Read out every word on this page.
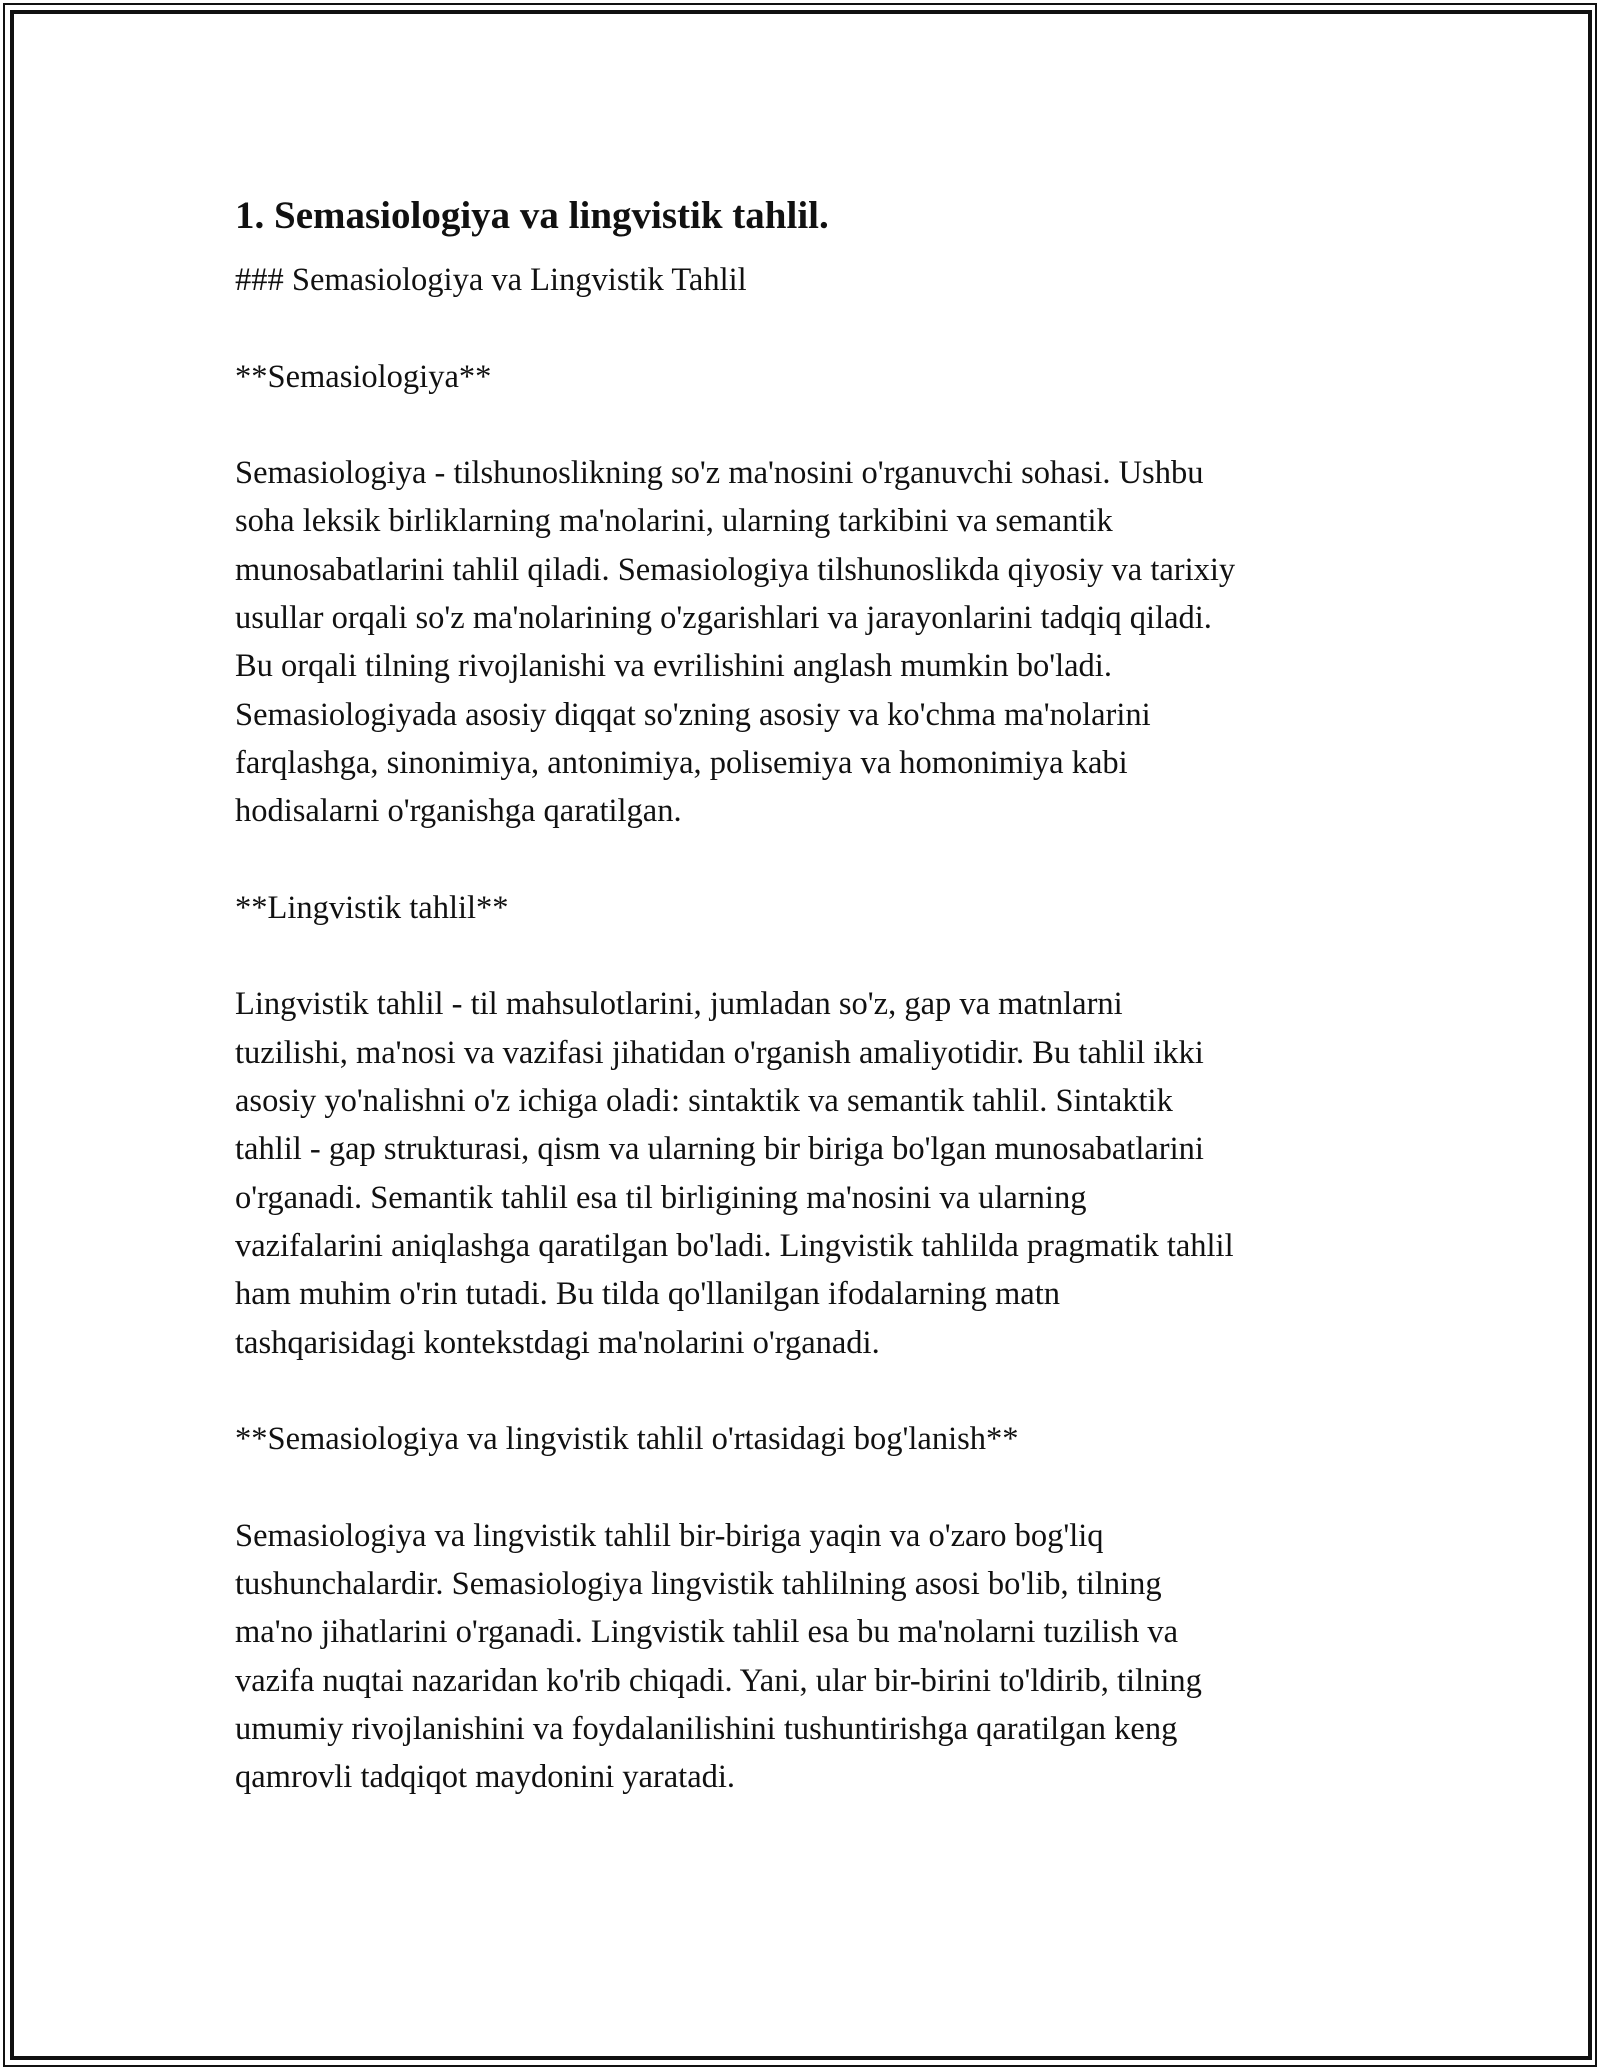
1. Semasiologiya va lingvistik tahlil.

### Semasiologiya va Lingvistik Tahlil

**Semasiologiya**

Semasiologiya - tilshunoslikning so'z ma'nosini o'rganuvchi sohasi. Ushbu

soha leksik birliklarning ma'nolarini, ularning tarkibini va semantik

munosabatlarini tahlil qiladi. Semasiologiya tilshunoslikda qiyosiy va tarixiy

usullar orqali so'z ma'nolarining o'zgarishlari va jarayonlarini tadqiq qiladi.

Bu orqali tilning rivojlanishi va evrilishini anglash mumkin bo'ladi.

Semasiologiyada asosiy diqqat so'zning asosiy va ko'chma ma'nolarini

farqlashga, sinonimiya, antonimiya, polisemiya va homonimiya kabi

hodisalarni o'rganishga qaratilgan.

**Lingvistik tahlil**

Lingvistik tahlil - til mahsulotlarini, jumladan so'z, gap va matnlarni

tuzilishi, ma'nosi va vazifasi jihatidan o'rganish amaliyotidir. Bu tahlil ikki

asosiy yo'nalishni o'z ichiga oladi: sintaktik va semantik tahlil. Sintaktik

tahlil - gap strukturasi, qism va ularning bir biriga bo'lgan munosabatlarini

o'rganadi. Semantik tahlil esa til birligining ma'nosini va ularning

vazifalarini aniqlashga qaratilgan bo'ladi. Lingvistik tahlilda pragmatik tahlil

ham muhim o'rin tutadi. Bu tilda qo'llanilgan ifodalarning matn

tashqarisidagi kontekstdagi ma'nolarini o'rganadi.

**Semasiologiya va lingvistik tahlil o'rtasidagi bog'lanish**

Semasiologiya va lingvistik tahlil bir-biriga yaqin va o'zaro bog'liq

tushunchalardir. Semasiologiya lingvistik tahlilning asosi bo'lib, tilning

ma'no jihatlarini o'rganadi. Lingvistik tahlil esa bu ma'nolarni tuzilish va

vazifa nuqtai nazaridan ko'rib chiqadi. Yani, ular bir-birini to'ldirib, tilning

umumiy rivojlanishini va foydalanilishini tushuntirishga qaratilgan keng

qamrovli tadqiqot maydonini yaratadi.
